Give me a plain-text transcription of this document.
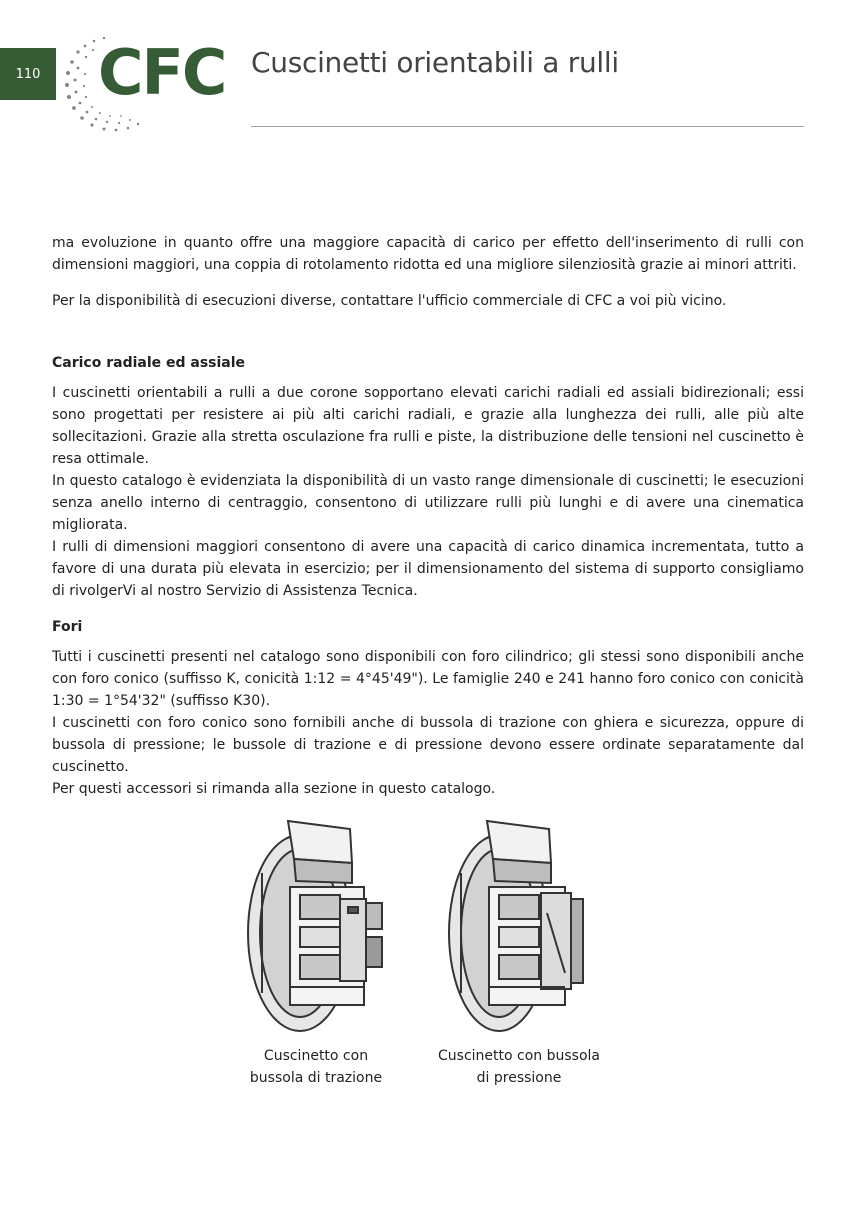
110 CFC Cuscinetti orientabili a rulli

ma evoluzione in quanto offre una maggiore capacità di carico per effetto dell'inserimento di rulli con dimensioni maggiori, una coppia di rotolamento ridotta ed una migliore silenziosità grazie ai minori attriti.

Per la disponibilità di esecuzioni diverse, contattare l'ufficio commerciale di CFC a voi più vicino.

Carico radiale ed assiale

I cuscinetti orientabili a rulli a due corone sopportano elevati carichi radiali ed assiali bidirezionali; essi sono progettati per resistere ai più alti carichi radiali, e grazie alla lunghezza dei rulli, alle più alte sollecitazioni. Grazie alla stretta osculazione fra rulli e piste, la distribuzione delle tensioni nel cuscinetto è resa ottimale.

In questo catalogo è evidenziata la disponibilità di un vasto range dimensionale di cuscinetti; le esecuzioni senza anello interno di centraggio, consentono di utilizzare rulli più lunghi e di avere una cinematica migliorata.

I rulli di dimensioni maggiori consentono di avere una capacità di carico dinamica incrementata, tutto a favore di una durata più elevata in esercizio; per il dimensionamento del sistema di supporto consigliamo di rivolgerVi al nostro Servizio di Assistenza Tecnica.

Fori

Tutti i cuscinetti presenti nel catalogo sono disponibili con foro cilindrico; gli stessi sono disponibili anche con foro conico (suffisso K, conicità 1:12 = 4°45'49"). Le famiglie 240 e 241 hanno foro conico con conicità 1:30 = 1°54'32" (suffisso K30).

I cuscinetti con foro conico sono fornibili anche di bussola di trazione con ghiera e sicurezza, oppure di bussola di pressione; le bussole di trazione e di pressione devono essere ordinate separatamente dal cuscinetto.

Per questi accessori si rimanda alla sezione in questo catalogo.

Cuscinetto con
bussola di trazione
Cuscinetto con bussola
di pressione
